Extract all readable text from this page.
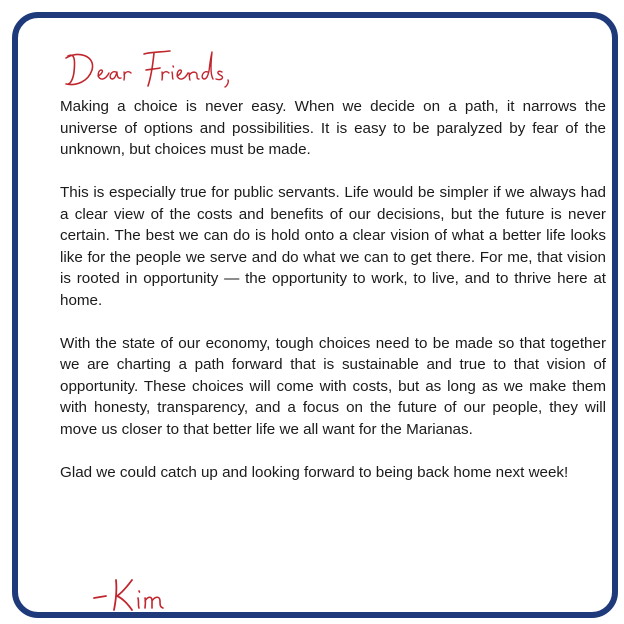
Making a choice is never easy. When we decide on a path, it narrows the universe of options and possibilities. It is easy to be paralyzed by fear of the unknown, but choices must be made.

This is especially true for public servants. Life would be simpler if we always had a clear view of the costs and benefits of our decisions, but the future is never certain. The best we can do is hold onto a clear vision of what a better life looks like for the people we serve and do what we can to get there. For me, that vision is rooted in opportunity — the opportunity to work, to live, and to thrive here at home.

With the state of our economy, tough choices need to be made so that together we are charting a path forward that is sustainable and true to that vision of opportunity. These choices will come with costs, but as long as we make them with honesty, transparency, and a focus on the future of our people, they will move us closer to that better life we all want for the Marianas.

Glad we could catch up and looking forward to being back home next week!
